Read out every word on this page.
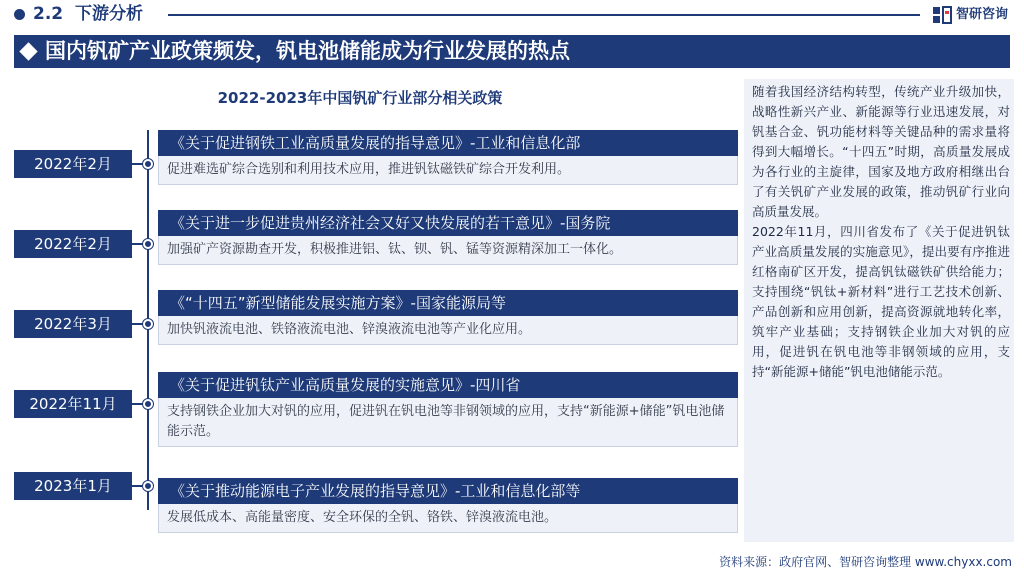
2.2 下游分析	智研咨询
国内钒矿产业政策频发，钒电池储能成为行业发展的热点
2022-2023年中国钒矿行业部分相关政策
2022年2月
《关于促进钢铁工业高质量发展的指导意见》-工业和信息化部
促进难选矿综合选别和利用技术应用，推进钒钛磁铁矿综合开发利用。
2022年2月
《关于进一步促进贵州经济社会又好又快发展的若干意见》-国务院
加强矿产资源勘查开发，积极推进铝、钛、钡、钒、锰等资源精深加工一体化。
2022年3月
《“十四五”新型储能发展实施方案》-国家能源局等
加快钒液流电池、铁铬液流电池、锌溴液流电池等产业化应用。
2022年11月
《关于促进钒钛产业高质量发展的实施意见》-四川省
支持钢铁企业加大对钒的应用，促进钒在钒电池等非钢领域的应用，支持“新能源+储能”钒电池储能示范。
2023年1月	《关于推动能源电子产业发展的指导意见》-工业和信息化部等
发展低成本、高能量密度、安全环保的全钒、铬铁、锌溴液流电池。

随着我国经济结构转型，传统产业升级加快，战略性新兴产业、新能源等行业迅速发展，对钒基合金、钒功能材料等关键品种的需求量将得到大幅增长。“十四五”时期，高质量发展成为各行业的主旋律，国家及地方政府相继出台了有关钒矿产业发展的政策，推动钒矿行业向高质量发展。

2022年11月，四川省发布了《关于促进钒钛产业高质量发展的实施意见》，提出要有序推进红格南矿区开发，提高钒钛磁铁矿供给能力；支持围绕“钒钛+新材料”进行工艺技术创新、产品创新和应用创新，提高资源就地转化率，筑牢产业基础；支持钢铁企业加大对钒的应用，促进钒在钒电池等非钢领域的应用，支持“新能源+储能”钒电池储能示范。

资料来源：政府官网、智研咨询整理 www.chyxx.com
